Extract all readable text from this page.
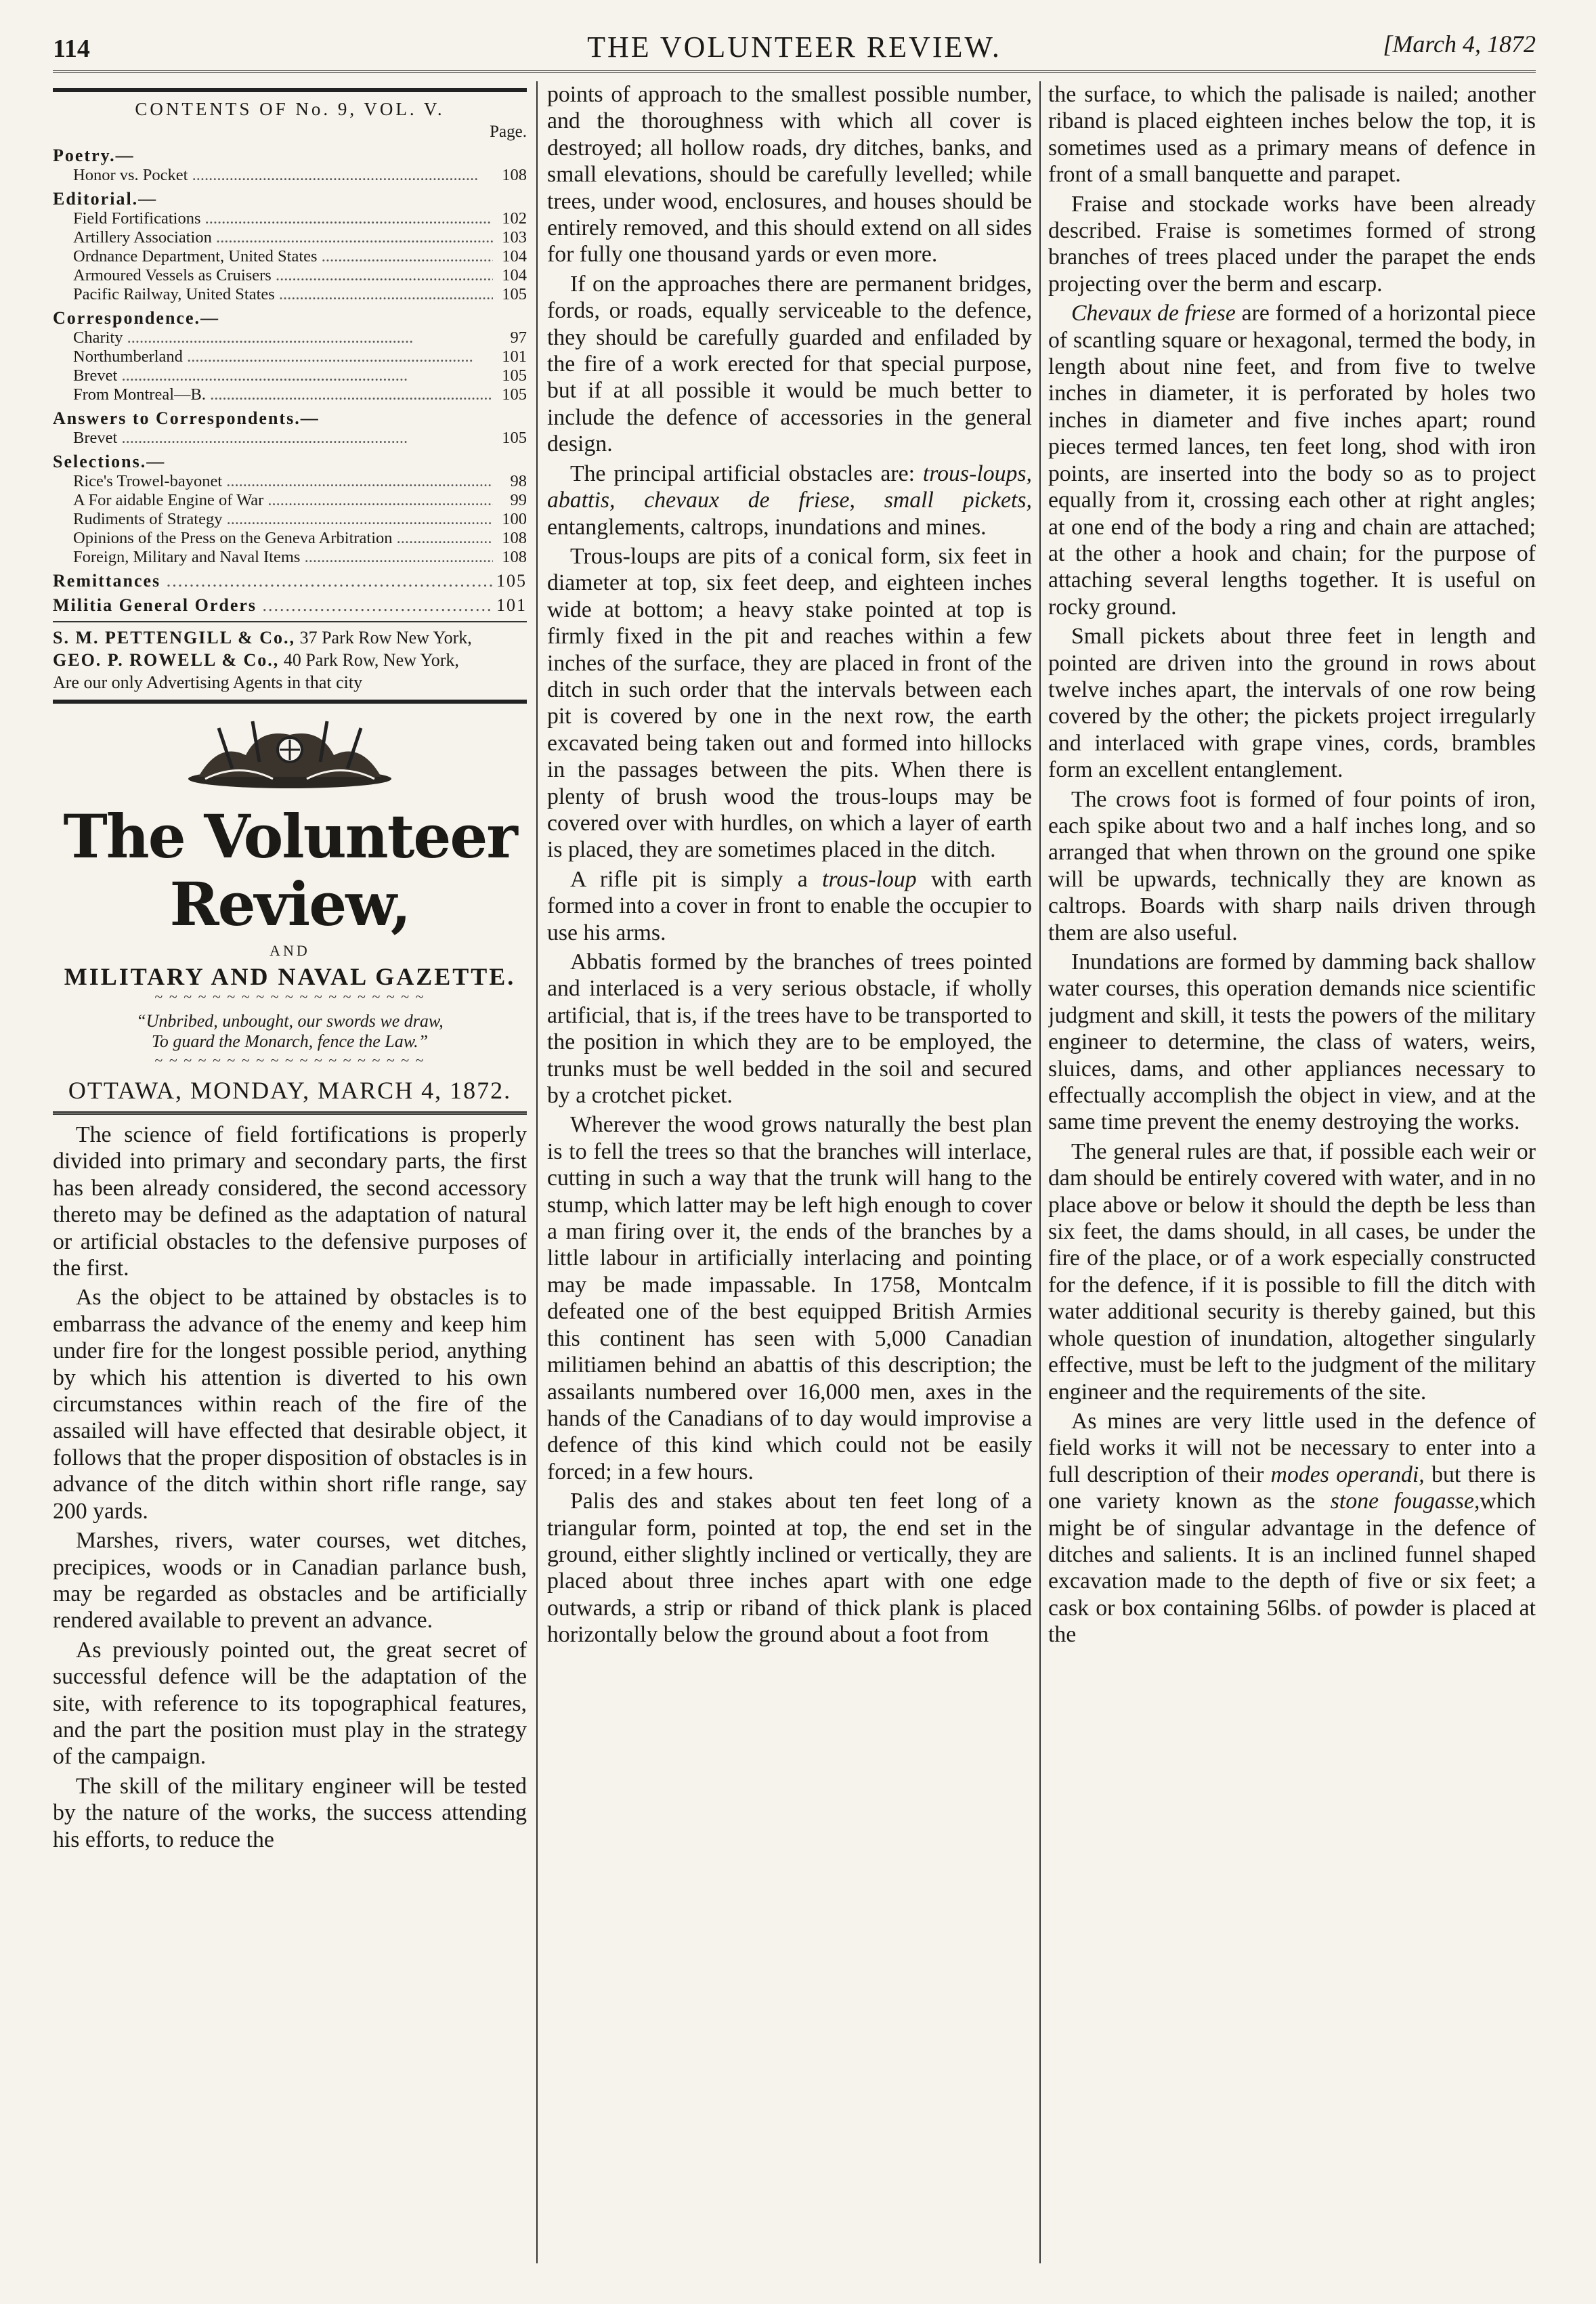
114	THE VOLUNTEER REVIEW.	[March 4, 1872
CONTENTS OF No. 9, VOL. V.
Page.
Poetry.—
Honor vs. Pocket .....	108
Editorial.—
Field Fortifications .....	102
Artillery Association .....	103
Ordnance Department, United States .....	104
Armoured Vessels as Cruisers .....	104
Pacific Railway, United States .....	105
Correspondence.—
Charity .....	97
Northumberland .....	101
Brevet .....	105
From Montreal—B. .....	105
Answers to Correspondents.—
Brevet .....	105
Selections.—
Rice's Trowel-bayonet .....	98
A For aidable Engine of War .....	99
Rudiments of Strategy .....	100
Opinions of the Press on the Geneva Arbitration .....	108
Foreign, Military and Naval Items .....	108
Remittances .....	105
Militia General Orders .....	101
S. M. PETTENGILL & Co., 37 Park Row New York,
GEO. P. ROWELL & Co., 40 Park Row, New York,
Are our only Advertising Agents in that city
The Volunteer Review,
AND
MILITARY AND NAVAL GAZETTE.
~ ~ ~ ~ ~ ~ ~ ~ ~ ~ ~ ~ ~ ~ ~ ~ ~ ~ ~
“Unbribed, unbought, our swords we draw,
To guard the Monarch, fence the Law.”
~ ~ ~ ~ ~ ~ ~ ~ ~ ~ ~ ~ ~ ~ ~ ~ ~ ~ ~
OTTAWA, MONDAY, MARCH 4, 1872.

The science of field fortifications is properly divided into primary and secondary parts, the first has been already considered, the second accessory thereto may be defined as the adaptation of natural or artificial obstacles to the defensive purposes of the first.

As the object to be attained by obstacles is to embarrass the advance of the enemy and keep him under fire for the longest possible period, anything by which his attention is diverted to his own circumstances within reach of the fire of the assailed will have effected that desirable object, it follows that the proper disposition of obstacles is in advance of the ditch within short rifle range, say 200 yards.

Marshes, rivers, water courses, wet ditches, precipices, woods or in Canadian parlance bush, may be regarded as obstacles and be artificially rendered available to prevent an advance.

As previously pointed out, the great secret of successful defence will be the adaptation of the site, with reference to its topographical features, and the part the position must play in the strategy of the campaign.

The skill of the military engineer will be tested by the nature of the works, the success attending his efforts, to reduce the

points of approach to the smallest possible number, and the thoroughness with which all cover is destroyed; all hollow roads, dry ditches, banks, and small elevations, should be carefully levelled; while trees, under wood, enclosures, and houses should be entirely removed, and this should extend on all sides for fully one thousand yards or even more.

If on the approaches there are permanent bridges, fords, or roads, equally serviceable to the defence, they should be carefully guarded and enfiladed by the fire of a work erected for that special purpose, but if at all possible it would be much better to include the defence of accessories in the general design.

The principal artificial obstacles are: trous-loups, abattis, chevaux de friese, small pickets, entanglements, caltrops, inundations and mines.

Trous-loups are pits of a conical form, six feet in diameter at top, six feet deep, and eighteen inches wide at bottom; a heavy stake pointed at top is firmly fixed in the pit and reaches within a few inches of the surface, they are placed in front of the ditch in such order that the intervals between each pit is covered by one in the next row, the earth excavated being taken out and formed into hillocks in the passages between the pits. When there is plenty of brush wood the trous-loups may be covered over with hurdles, on which a layer of earth is placed, they are sometimes placed in the ditch.

A rifle pit is simply a trous-loup with earth formed into a cover in front to enable the occupier to use his arms.

Abbatis formed by the branches of trees pointed and interlaced is a very serious obstacle, if wholly artificial, that is, if the trees have to be transported to the position in which they are to be employed, the trunks must be well bedded in the soil and secured by a crotchet picket.

Wherever the wood grows naturally the best plan is to fell the trees so that the branches will interlace, cutting in such a way that the trunk will hang to the stump, which latter may be left high enough to cover a man firing over it, the ends of the branches by a little labour in artificially interlacing and pointing may be made impassable. In 1758, Montcalm defeated one of the best equipped British Armies this continent has seen with 5,000 Canadian militiamen behind an abattis of this description; the assailants numbered over 16,000 men, axes in the hands of the Canadians of to day would improvise a defence of this kind which could not be easily forced; in a few hours.

Palis des and stakes about ten feet long of a triangular form, pointed at top, the end set in the ground, either slightly inclined or vertically, they are placed about three inches apart with one edge outwards, a strip or riband of thick plank is placed horizontally below the ground about a foot from

the surface, to which the palisade is nailed; another riband is placed eighteen inches below the top, it is sometimes used as a primary means of defence in front of a small banquette and parapet.

Fraise and stockade works have been already described. Fraise is sometimes formed of strong branches of trees placed under the parapet the ends projecting over the berm and escarp.

Chevaux de friese are formed of a horizontal piece of scantling square or hexagonal, termed the body, in length about nine feet, and from five to twelve inches in diameter, it is perforated by holes two inches in diameter and five inches apart; round pieces termed lances, ten feet long, shod with iron points, are inserted into the body so as to project equally from it, crossing each other at right angles; at one end of the body a ring and chain are attached; at the other a hook and chain; for the purpose of attaching several lengths together. It is useful on rocky ground.

Small pickets about three feet in length and pointed are driven into the ground in rows about twelve inches apart, the intervals of one row being covered by the other; the pickets project irregularly and interlaced with grape vines, cords, brambles form an excellent entanglement.

The crows foot is formed of four points of iron, each spike about two and a half inches long, and so arranged that when thrown on the ground one spike will be upwards, technically they are known as caltrops. Boards with sharp nails driven through them are also useful.

Inundations are formed by damming back shallow water courses, this operation demands nice scientific judgment and skill, it tests the powers of the military engineer to determine, the class of waters, weirs, sluices, dams, and other appliances necessary to effectually accomplish the object in view, and at the same time prevent the enemy destroying the works.

The general rules are that, if possible each weir or dam should be entirely covered with water, and in no place above or below it should the depth be less than six feet, the dams should, in all cases, be under the fire of the place, or of a work especially constructed for the defence, if it is possible to fill the ditch with water additional security is thereby gained, but this whole question of inundation, altogether singularly effective, must be left to the judgment of the military engineer and the requirements of the site.

As mines are very little used in the defence of field works it will not be necessary to enter into a full description of their modes operandi, but there is one variety known as the stone fougasse,which might be of singular advantage in the defence of ditches and salients. It is an inclined funnel shaped excavation made to the depth of five or six feet; a cask or box containing 56lbs. of powder is placed at the
